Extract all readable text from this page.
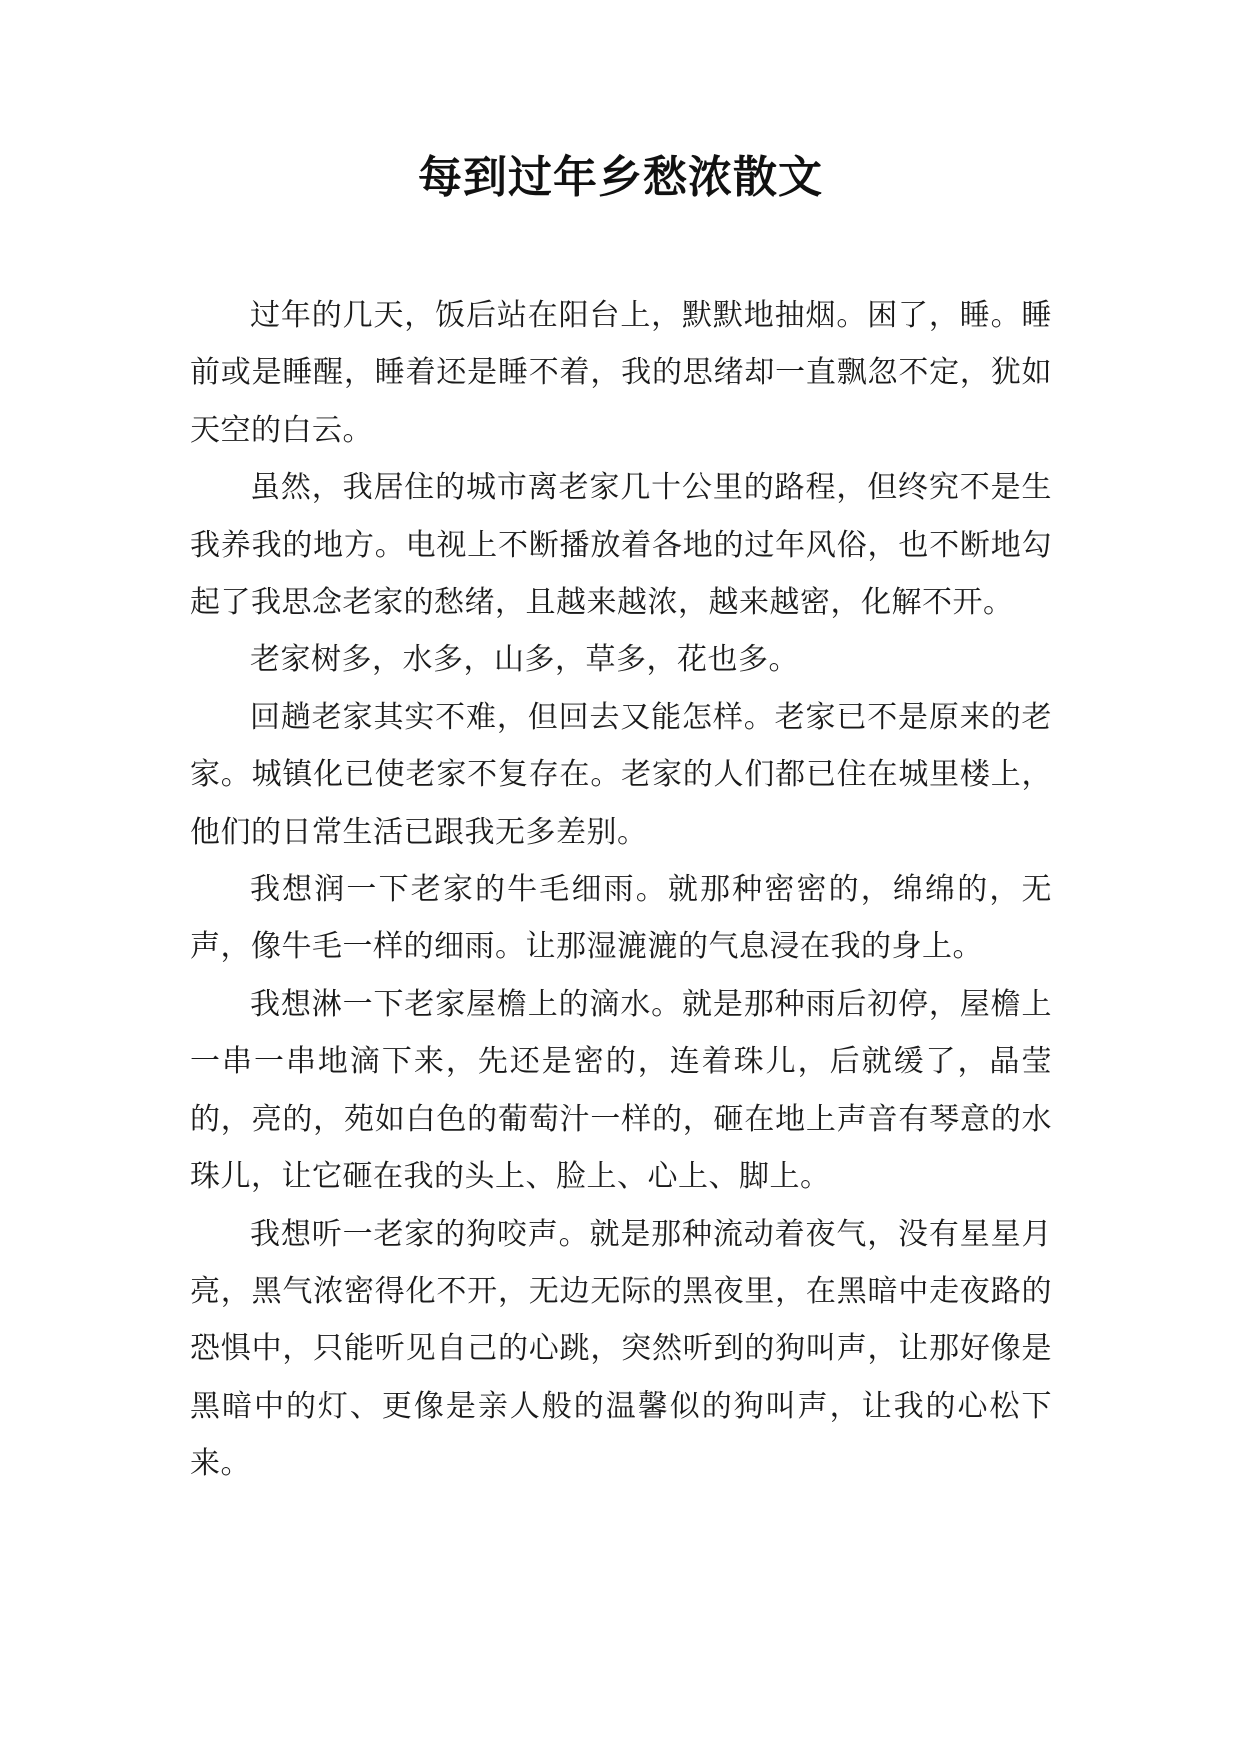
每到过年乡愁浓散文

过年的几天，饭后站在阳台上，默默地抽烟。困了，睡。睡前或是睡醒，睡着还是睡不着，我的思绪却一直飘忽不定，犹如天空的白云。

虽然，我居住的城市离老家几十公里的路程，但终究不是生我养我的地方。电视上不断播放着各地的过年风俗，也不断地勾起了我思念老家的愁绪，且越来越浓，越来越密，化解不开。

老家树多，水多，山多，草多，花也多。

回趟老家其实不难，但回去又能怎样。老家已不是原来的老家。城镇化已使老家不复存在。老家的人们都已住在城里楼上，他们的日常生活已跟我无多差别。

我想润一下老家的牛毛细雨。就那种密密的，绵绵的，无声，像牛毛一样的细雨。让那湿漉漉的气息浸在我的身上。

我想淋一下老家屋檐上的滴水。就是那种雨后初停，屋檐上一串一串地滴下来，先还是密的，连着珠儿，后就缓了，晶莹的，亮的，苑如白色的葡萄汁一样的，砸在地上声音有琴意的水珠儿，让它砸在我的头上、脸上、心上、脚上。

我想听一老家的狗咬声。就是那种流动着夜气，没有星星月亮，黑气浓密得化不开，无边无际的黑夜里，在黑暗中走夜路的恐惧中，只能听见自己的心跳，突然听到的狗叫声，让那好像是黑暗中的灯、更像是亲人般的温馨似的狗叫声，让我的心松下来。
